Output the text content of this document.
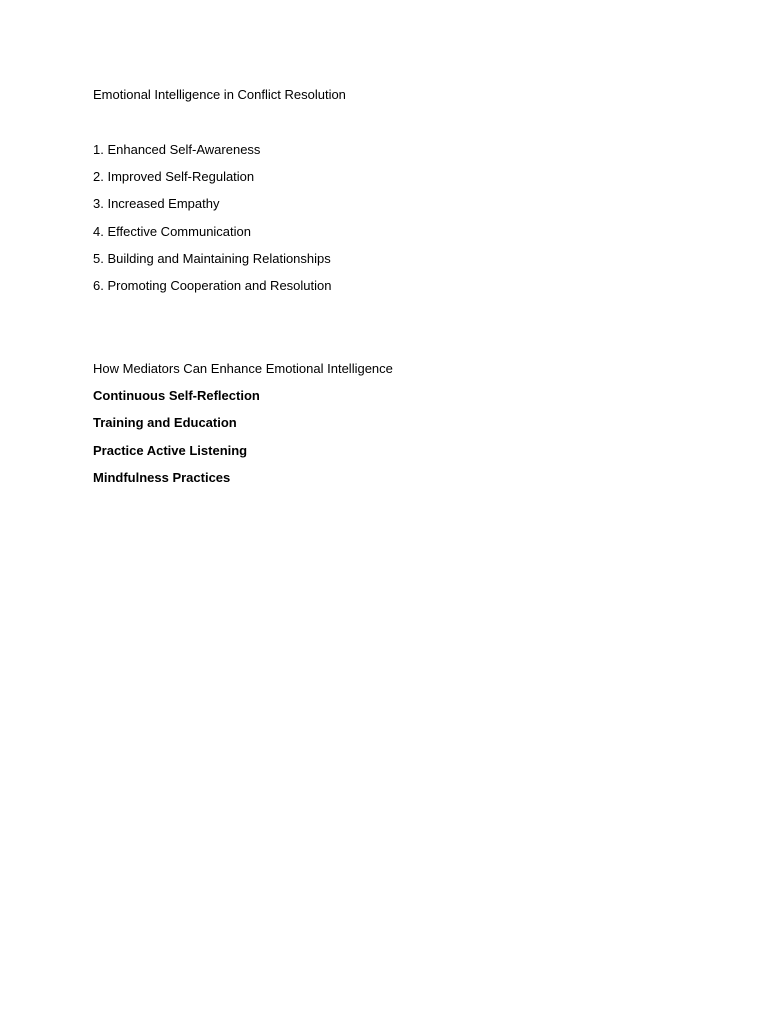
Emotional Intelligence in Conflict Resolution
1. Enhanced Self-Awareness
2. Improved Self-Regulation
3. Increased Empathy
4. Effective Communication
5. Building and Maintaining Relationships
6. Promoting Cooperation and Resolution
How Mediators Can Enhance Emotional Intelligence
Continuous Self-Reflection
Training and Education
Practice Active Listening
Mindfulness Practices
